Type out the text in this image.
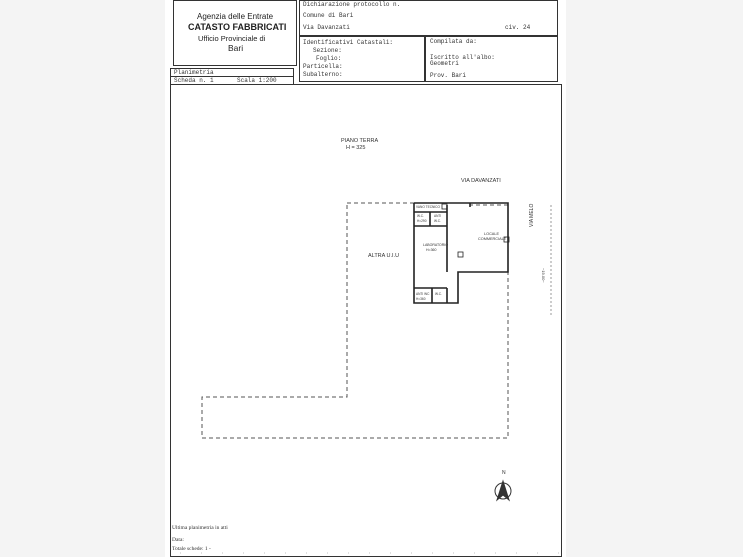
Agenzia delle Entrate
CATASTO FABBRICATI
Ufficio Provinciale di
Bari
Dichiarazione protocollo n.
Comune di Bari
Via Davanzati	civ. 24
Identificativi Catastali:
Sezione:
Foglio:
Particella:
Subalterno:
Compilata da:
Iscritto all'albo:
Geometri
Prov. Bari
Planimetria
Scheda n. 1	Scala 1:200
PIANO TERRA
H = 325
VIA DAVANZATI
VIA MELO
~19.00~
ALTRA U.I.U
VANO TECNICO
W.C.
H=290
ANTI
W.C.
LABORATORIO
H=360
LOCALE
COMMERCIALE
ANTI WC
H=360
W.C.
N
Ultima planimetria in atti
Data:
Totale schede: 1 -
